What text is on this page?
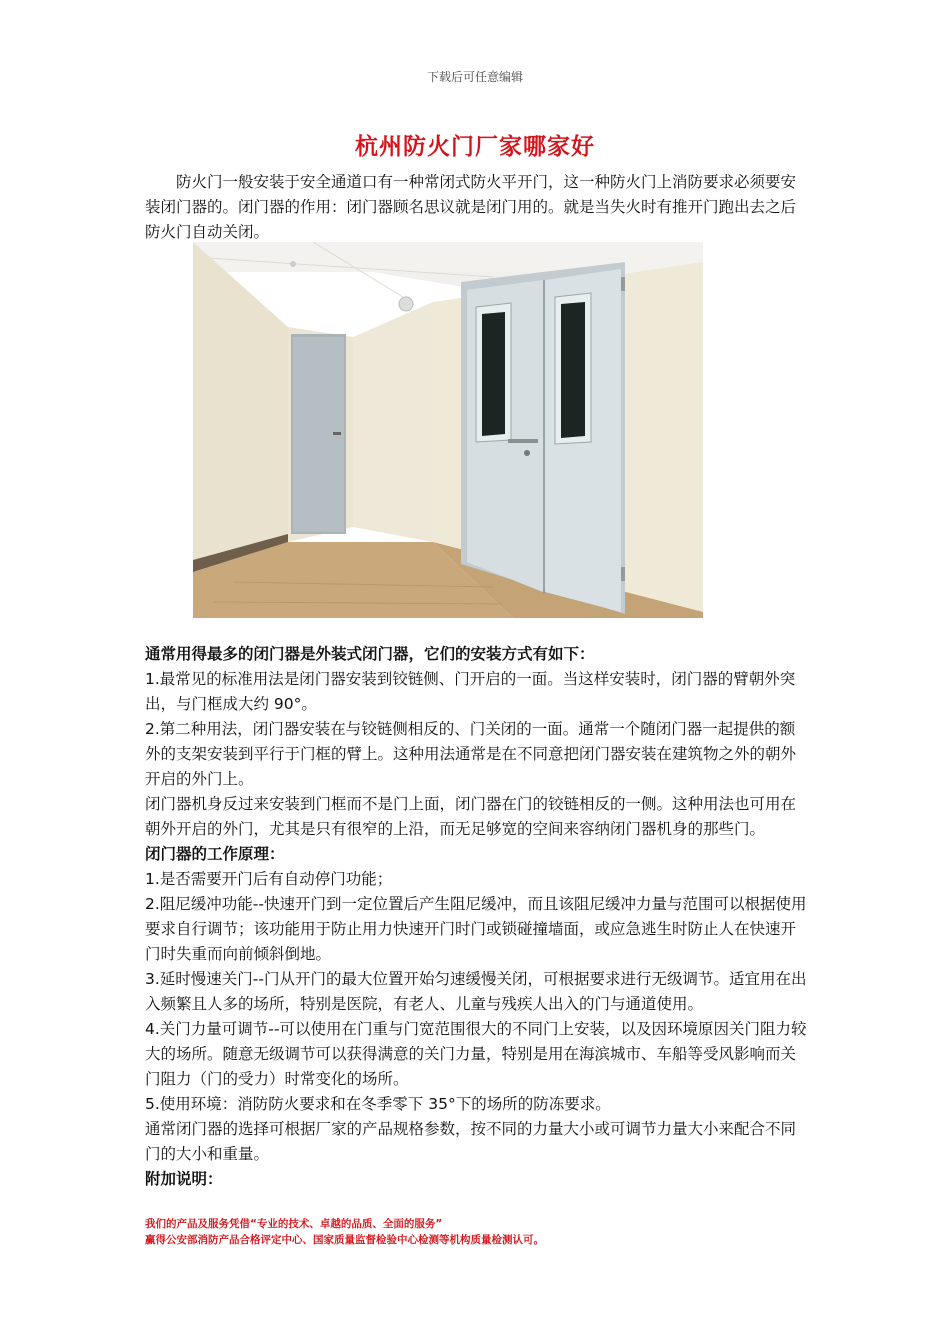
下载后可任意编辑
杭州防火门厂家哪家好

防火门一般安装于安全通道口有一种常闭式防火平开门，这一种防火门上消防要求必须要安装闭门器的。闭门器的作用：闭门器顾名思议就是闭门用的。就是当失火时有推开门跑出去之后防火门自动关闭。

通常用得最多的闭门器是外装式闭门器，它们的安装方式有如下：

1.最常见的标准用法是闭门器安装到铰链侧、门开启的一面。当这样安装时，闭门器的臂朝外突出，与门框成大约 90°。

2.第二种用法，闭门器安装在与铰链侧相反的、门关闭的一面。通常一个随闭门器一起提供的额外的支架安装到平行于门框的臂上。这种用法通常是在不同意把闭门器安装在建筑物之外的朝外开启的外门上。

闭门器机身反过来安装到门框而不是门上面，闭门器在门的铰链相反的一侧。这种用法也可用在朝外开启的外门，尤其是只有很窄的上沿，而无足够宽的空间来容纳闭门器机身的那些门。

闭门器的工作原理：

1.是否需要开门后有自动停门功能；

2.阻尼缓冲功能--快速开门到一定位置后产生阻尼缓冲，而且该阻尼缓冲力量与范围可以根据使用要求自行调节；该功能用于防止用力快速开门时门或锁碰撞墙面，或应急逃生时防止人在快速开门时失重而向前倾斜倒地。

3.延时慢速关门--门从开门的最大位置开始匀速缓慢关闭，可根据要求进行无级调节。适宜用在出入频繁且人多的场所，特别是医院，有老人、儿童与残疾人出入的门与通道使用。

4.关门力量可调节--可以使用在门重与门宽范围很大的不同门上安装，以及因环境原因关门阻力较大的场所。随意无级调节可以获得满意的关门力量，特别是用在海滨城市、车船等受风影响而关门阻力（门的受力）时常变化的场所。

5.使用环境：消防防火要求和在冬季零下 35°下的场所的防冻要求。

通常闭门器的选择可根据厂家的产品规格参数，按不同的力量大小或可调节力量大小来配合不同门的大小和重量。

附加说明：

我们的产品及服务凭借“专业的技术、卓越的品质、全面的服务”

赢得公安部消防产品合格评定中心、国家质量监督检验中心检测等机构质量检测认可。
